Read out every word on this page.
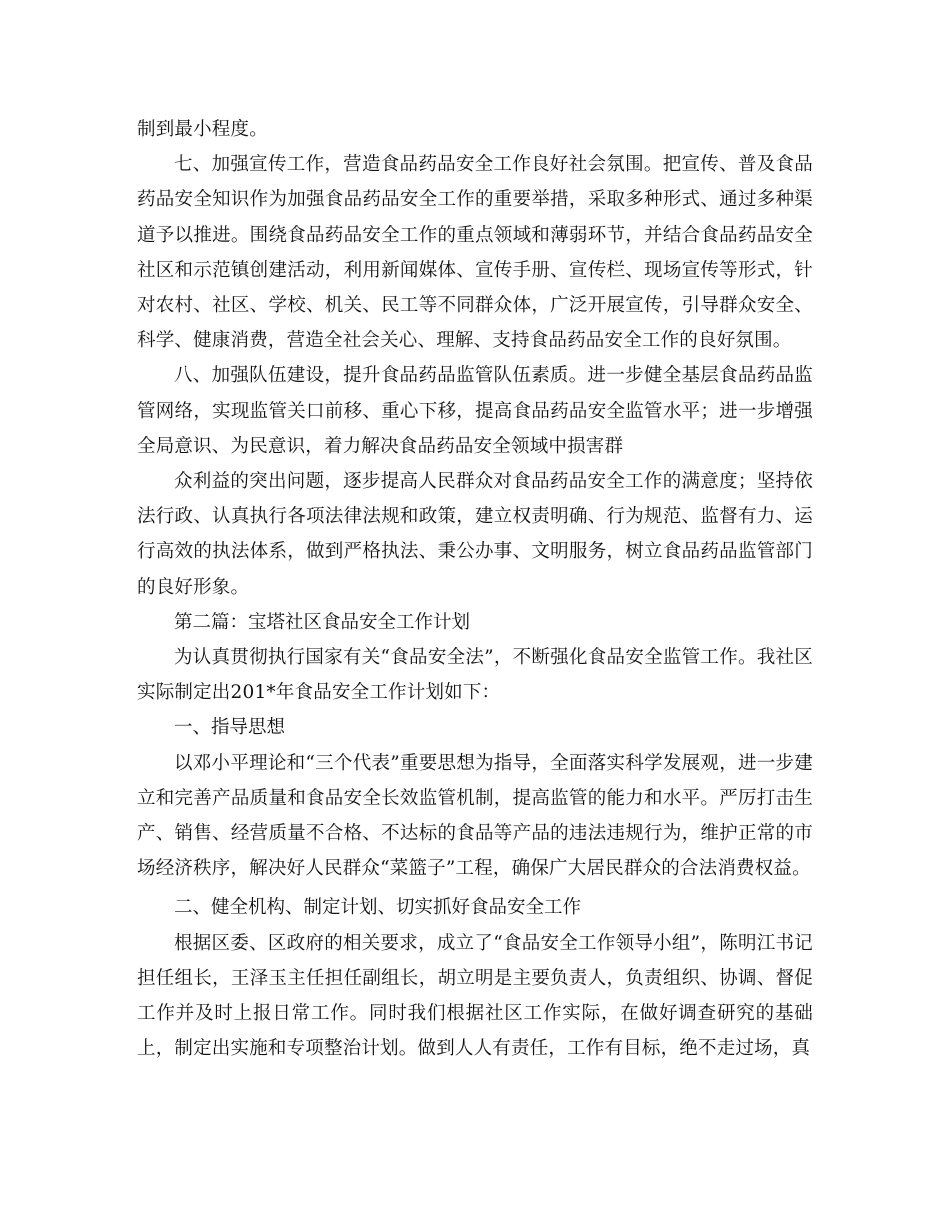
制到最小程度。

七、加强宣传工作，营造食品药品安全工作良好社会氛围。把宣传、普及食品药品安全知识作为加强食品药品安全工作的重要举措，采取多种形式、通过多种渠道予以推进。围绕食品药品安全工作的重点领域和薄弱环节，并结合食品药品安全社区和示范镇创建活动，利用新闻媒体、宣传手册、宣传栏、现场宣传等形式，针对农村、社区、学校、机关、民工等不同群众体，广泛开展宣传，引导群众安全、科学、健康消费，营造全社会关心、理解、支持食品药品安全工作的良好氛围。

八、加强队伍建设，提升食品药品监管队伍素质。进一步健全基层食品药品监管网络，实现监管关口前移、重心下移，提高食品药品安全监管水平；进一步增强全局意识、为民意识，着力解决食品药品安全领域中损害群

众利益的突出问题，逐步提高人民群众对食品药品安全工作的满意度；坚持依法行政、认真执行各项法律法规和政策，建立权责明确、行为规范、监督有力、运行高效的执法体系，做到严格执法、秉公办事、文明服务，树立食品药品监管部门的良好形象。

第二篇：宝塔社区食品安全工作计划

为认真贯彻执行国家有关“食品安全法”，不断强化食品安全监管工作。我社区实际制定出201*年食品安全工作计划如下：

一、指导思想

以邓小平理论和“三个代表”重要思想为指导，全面落实科学发展观，进一步建立和完善产品质量和食品安全长效监管机制，提高监管的能力和水平。严厉打击生产、销售、经营质量不合格、不达标的食品等产品的违法违规行为，维护正常的市场经济秩序，解决好人民群众“菜篮子”工程，确保广大居民群众的合法消费权益。

二、健全机构、制定计划、切实抓好食品安全工作

根据区委、区政府的相关要求，成立了“食品安全工作领导小组”，陈明江书记担任组长，王泽玉主任担任副组长，胡立明是主要负责人，负责组织、协调、督促工作并及时上报日常工作。同时我们根据社区工作实际，在做好调查研究的基础上，制定出实施和专项整治计划。做到人人有责任，工作有目标，绝不走过场，真
